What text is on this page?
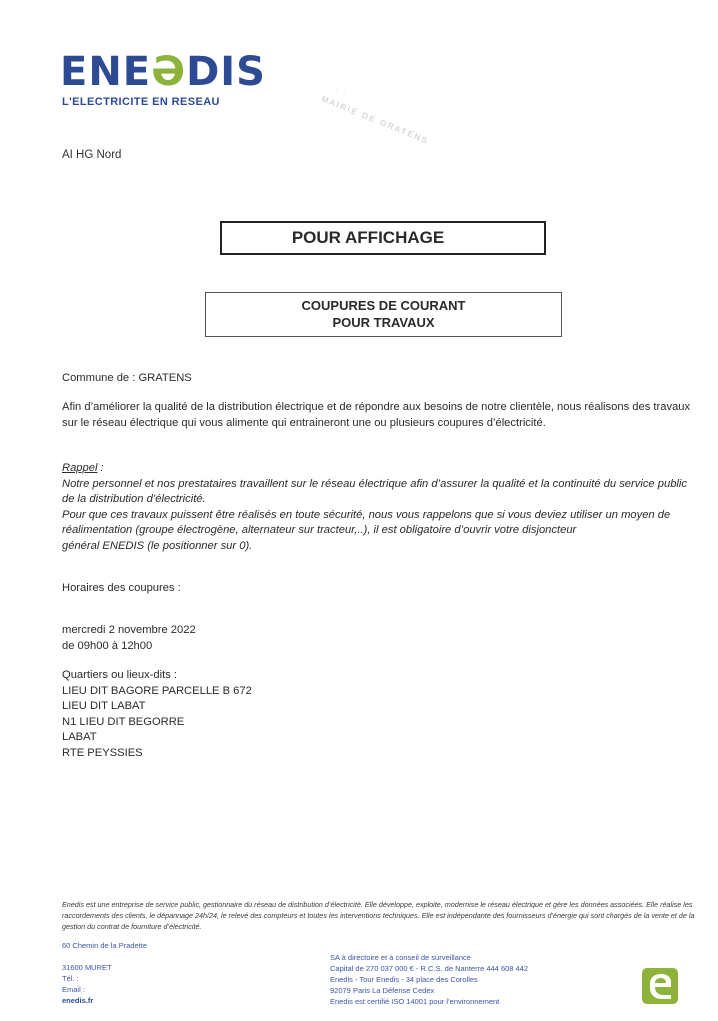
ENEƏDIS
L'ELECTRICITE EN RESEAU
· · ·
MAIRIE DE GRATENS
AI HG Nord
POUR AFFICHAGE
COUPURES DE COURANT
POUR TRAVAUX
Commune de : GRATENS
Afin d’améliorer la qualité de la distribution électrique et de répondre aux besoins de notre clientèle, nous réalisons des travaux sur le réseau électrique qui vous alimente qui entraineront une ou plusieurs coupures d’électricité.
Rappel :
Notre personnel et nos prestataires travaillent sur le réseau électrique afin d’assurer la qualité et la continuité du service public de la distribution d’électricité.
Pour que ces travaux puissent être réalisés en toute sécurité, nous vous rappelons que si vous deviez utiliser un moyen de réalimentation (groupe électrogène, alternateur sur tracteur,..), il est obligatoire d’ouvrir votre disjoncteur
général ENEDIS (le positionner sur 0).
Horaires des coupures :
mercredi 2 novembre 2022
de 09h00 à 12h00
Quartiers ou lieux-dits :
LIEU DIT BAGORE PARCELLE B 672
LIEU DIT LABAT
N1 LIEU DIT BEGORRE
LABAT
RTE PEYSSIES
Enedis est une entreprise de service public, gestionnaire du réseau de distribution d’électricité. Elle développe, exploite, modernise le réseau électrique et gère les données associées. Elle réalise les raccordements des clients, le dépannage 24h/24, le relevé des compteurs et toutes les interventions techniques. Elle est indépendante des fournisseurs d’énergie qui sont chargés de la vente et de la gestion du contrat de fourniture d’électricité.
60 Chemin de la Pradette
31600 MURET
Tél. :
Email :
enedis.fr
SA à directoire et à conseil de surveillance
Capital de 270 037 000 € - R.C.S. de Nanterre 444 608 442
Enedis - Tour Enedis - 34 place des Corolles
92079 Paris La Défense Cedex
Enedis est certifié ISO 14001 pour l’environnement
